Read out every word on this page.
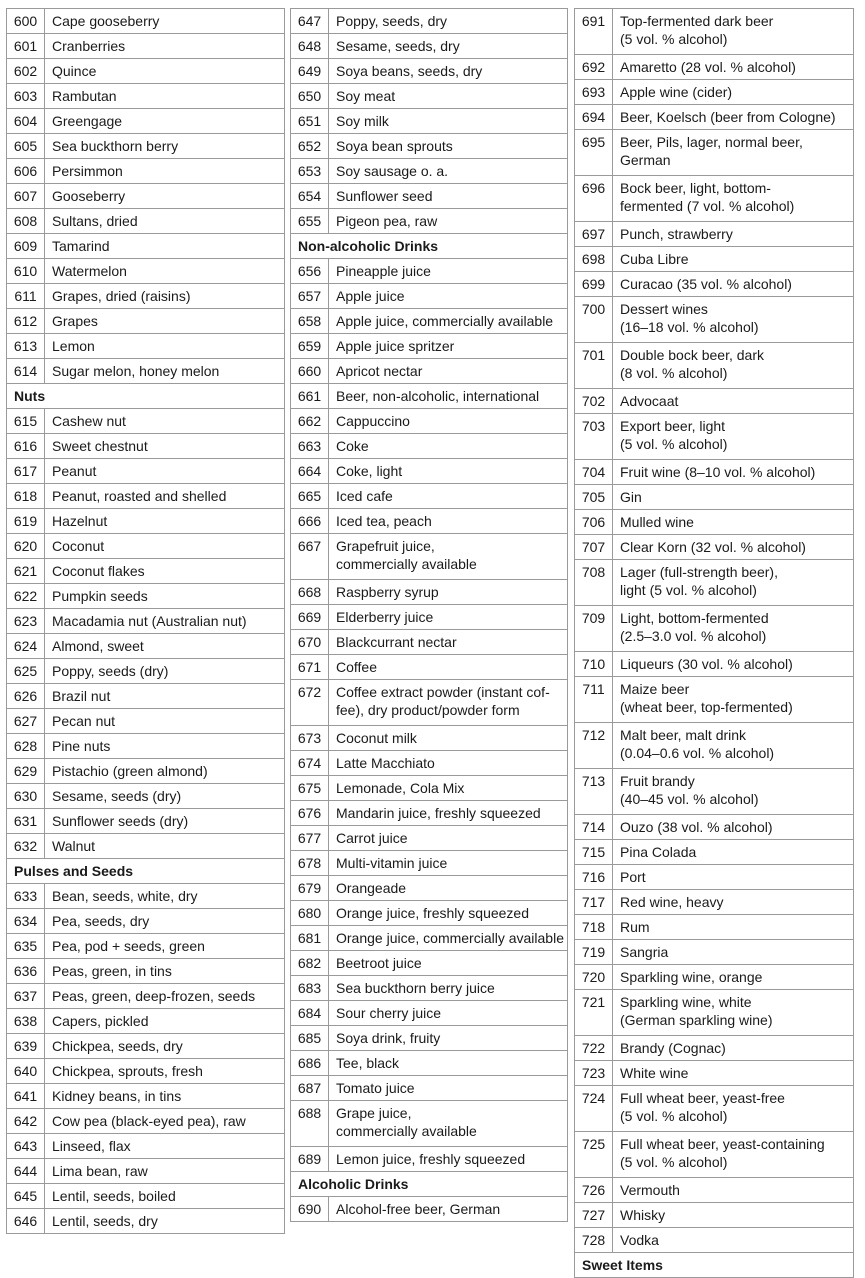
600	Cape gooseberry
601	Cranberries
602	Quince
603	Rambutan
604	Greengage
605	Sea buckthorn berry
606	Persimmon
607	Gooseberry
608	Sultans, dried
609	Tamarind
610	Watermelon
611	Grapes, dried (raisins)
612	Grapes
613	Lemon
614	Sugar melon, honey melon
Nuts	
615	Cashew nut
616	Sweet chestnut
617	Peanut
618	Peanut, roasted and shelled
619	Hazelnut
620	Coconut
621	Coconut flakes
622	Pumpkin seeds
623	Macadamia nut (Australian nut)
624	Almond, sweet
625	Poppy, seeds (dry)
626	Brazil nut
627	Pecan nut
628	Pine nuts
629	Pistachio (green almond)
630	Sesame, seeds (dry)
631	Sunflower seeds (dry)
632	Walnut
Pulses and Seeds	
633	Bean, seeds, white, dry
634	Pea, seeds, dry
635	Pea, pod + seeds, green
636	Peas, green, in tins
637	Peas, green, deep-frozen, seeds
638	Capers, pickled
639	Chickpea, seeds, dry
640	Chickpea, sprouts, fresh
641	Kidney beans, in tins
642	Cow pea (black-eyed pea), raw
643	Linseed, flax
644	Lima bean, raw
645	Lentil, seeds, boiled
646	Lentil, seeds, dry
647	Poppy, seeds, dry
648	Sesame, seeds, dry
649	Soya beans, seeds, dry
650	Soy meat
651	Soy milk
652	Soya bean sprouts
653	Soy sausage o. a.
654	Sunflower seed
655	Pigeon pea, raw
Non-alcoholic Drinks	
656	Pineapple juice
657	Apple juice
658	Apple juice, commercially available
659	Apple juice spritzer
660	Apricot nectar
661	Beer, non-alcoholic, international
662	Cappuccino
663	Coke
664	Coke, light
665	Iced cafe
666	Iced tea, peach
667	Grapefruit juice,
commercially available
668	Raspberry syrup
669	Elderberry juice
670	Blackcurrant nectar
671	Coffee
672	Coffee extract powder (instant cof-
fee), dry product/powder form
673	Coconut milk
674	Latte Macchiato
675	Lemonade, Cola Mix
676	Mandarin juice, freshly squeezed
677	Carrot juice
678	Multi-vitamin juice
679	Orangeade
680	Orange juice, freshly squeezed
681	Orange juice, commercially available
682	Beetroot juice
683	Sea buckthorn berry juice
684	Sour cherry juice
685	Soya drink, fruity
686	Tee, black
687	Tomato juice
688	Grape juice,
commercially available
689	Lemon juice, freshly squeezed
Alcoholic Drinks	
690	Alcohol-free beer, German
691	Top-fermented dark beer
(5 vol. % alcohol)
692	Amaretto (28 vol. % alcohol)
693	Apple wine (cider)
694	Beer, Koelsch (beer from Cologne)
695	Beer, Pils, lager, normal beer,
German
696	Bock beer, light, bottom-
fermented (7 vol. % alcohol)
697	Punch, strawberry
698	Cuba Libre
699	Curacao (35 vol. % alcohol)
700	Dessert wines
(16–18 vol. % alcohol)
701	Double bock beer, dark
(8 vol. % alcohol)
702	Advocaat
703	Export beer, light
(5 vol. % alcohol)
704	Fruit wine (8–10 vol. % alcohol)
705	Gin
706	Mulled wine
707	Clear Korn (32 vol. % alcohol)
708	Lager (full-strength beer),
light (5 vol. % alcohol)
709	Light, bottom-fermented
(2.5–3.0 vol. % alcohol)
710	Liqueurs (30 vol. % alcohol)
711	Maize beer
(wheat beer, top-fermented)
712	Malt beer, malt drink
(0.04–0.6 vol. % alcohol)
713	Fruit brandy
(40–45 vol. % alcohol)
714	Ouzo (38 vol. % alcohol)
715	Pina Colada
716	Port
717	Red wine, heavy
718	Rum
719	Sangria
720	Sparkling wine, orange
721	Sparkling wine, white
(German sparkling wine)
722	Brandy (Cognac)
723	White wine
724	Full wheat beer, yeast-free
(5 vol. % alcohol)
725	Full wheat beer, yeast-containing
(5 vol. % alcohol)
726	Vermouth
727	Whisky
728	Vodka
Sweet Items	
